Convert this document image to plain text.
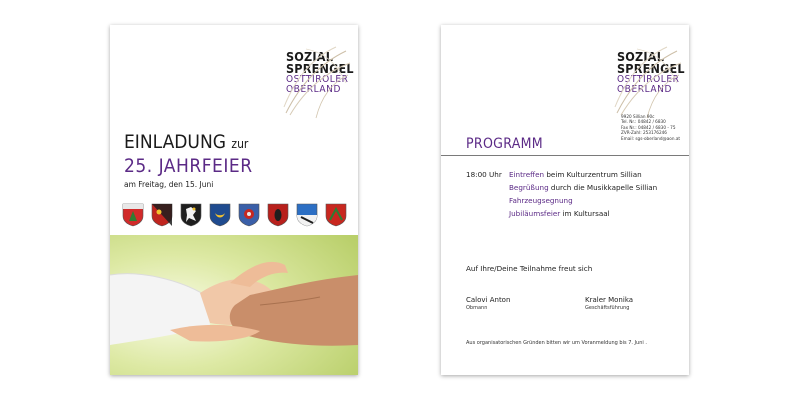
SOZIAL
SPRENGEL
OSTTIROLER
OBERLAND
EINLADUNG zur
25. JAHRFEIER
am Freitag, den 15. Juni
SOZIAL
SPRENGEL
OSTTIROLER
OBERLAND
9920 Sillian 90c
Tel. Nr.: 04842 / 6830
Fax Nr.: 04842 / 6830 - 75
ZVR-Zahl: 253176246
Email: sgs-oberland@aon.at
PROGRAMM
18:00 Uhr Eintreffen beim Kulturzentrum Sillian
Begrüßung durch die Musikkapelle Sillian
Fahrzeugsegnung
Jubiläumsfeier im Kultursaal
Auf Ihre/Deine Teilnahme freut sich
Calovi Anton
Obmann
Kraler Monika
Geschäftsführung
Aus organisatorischen Gründen bitten wir um Voranmeldung bis 7. Juni .
